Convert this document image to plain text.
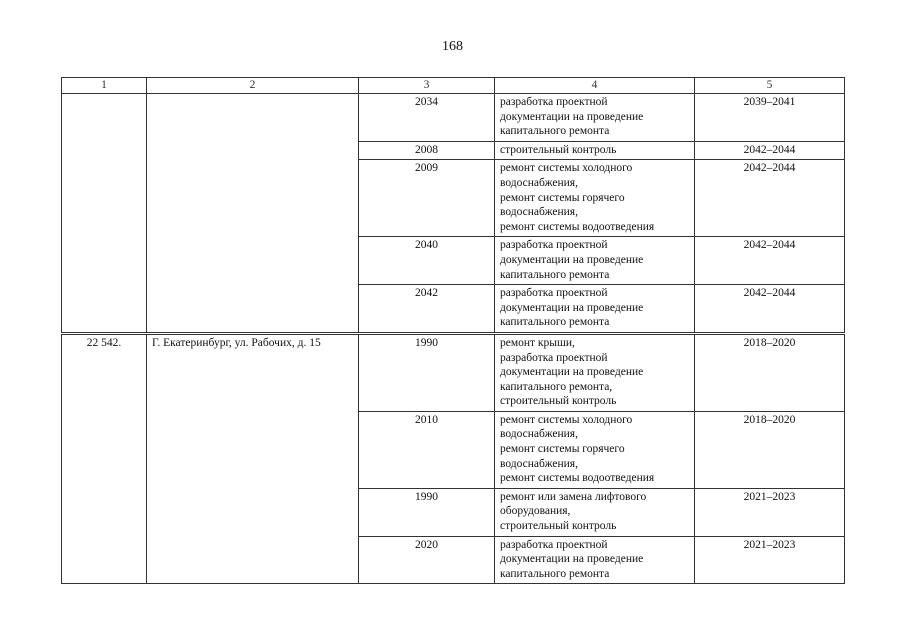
168
1	2	3	4	5
		2034	разработка проектной
документации на проведение
капитального ремонта	2039–2041
		2008	строительный контроль	2042–2044
		2009	ремонт системы холодного
водоснабжения,
ремонт системы горячего
водоснабжения,
ремонт системы водоотведения	2042–2044
		2040	разработка проектной
документации на проведение
капитального ремонта	2042–2044
		2042	разработка проектной
документации на проведение
капитального ремонта	2042–2044

22 542.	Г. Екатеринбург, ул. Рабочих, д. 15	1990	ремонт крыши,
разработка проектной
документации на проведение
капитального ремонта,
строительный контроль	2018–2020
		2010	ремонт системы холодного
водоснабжения,
ремонт системы горячего
водоснабжения,
ремонт системы водоотведения	2018–2020
		1990	ремонт или замена лифтового
оборудования,
строительный контроль	2021–2023
		2020	разработка проектной
документации на проведение
капитального ремонта	2021–2023
